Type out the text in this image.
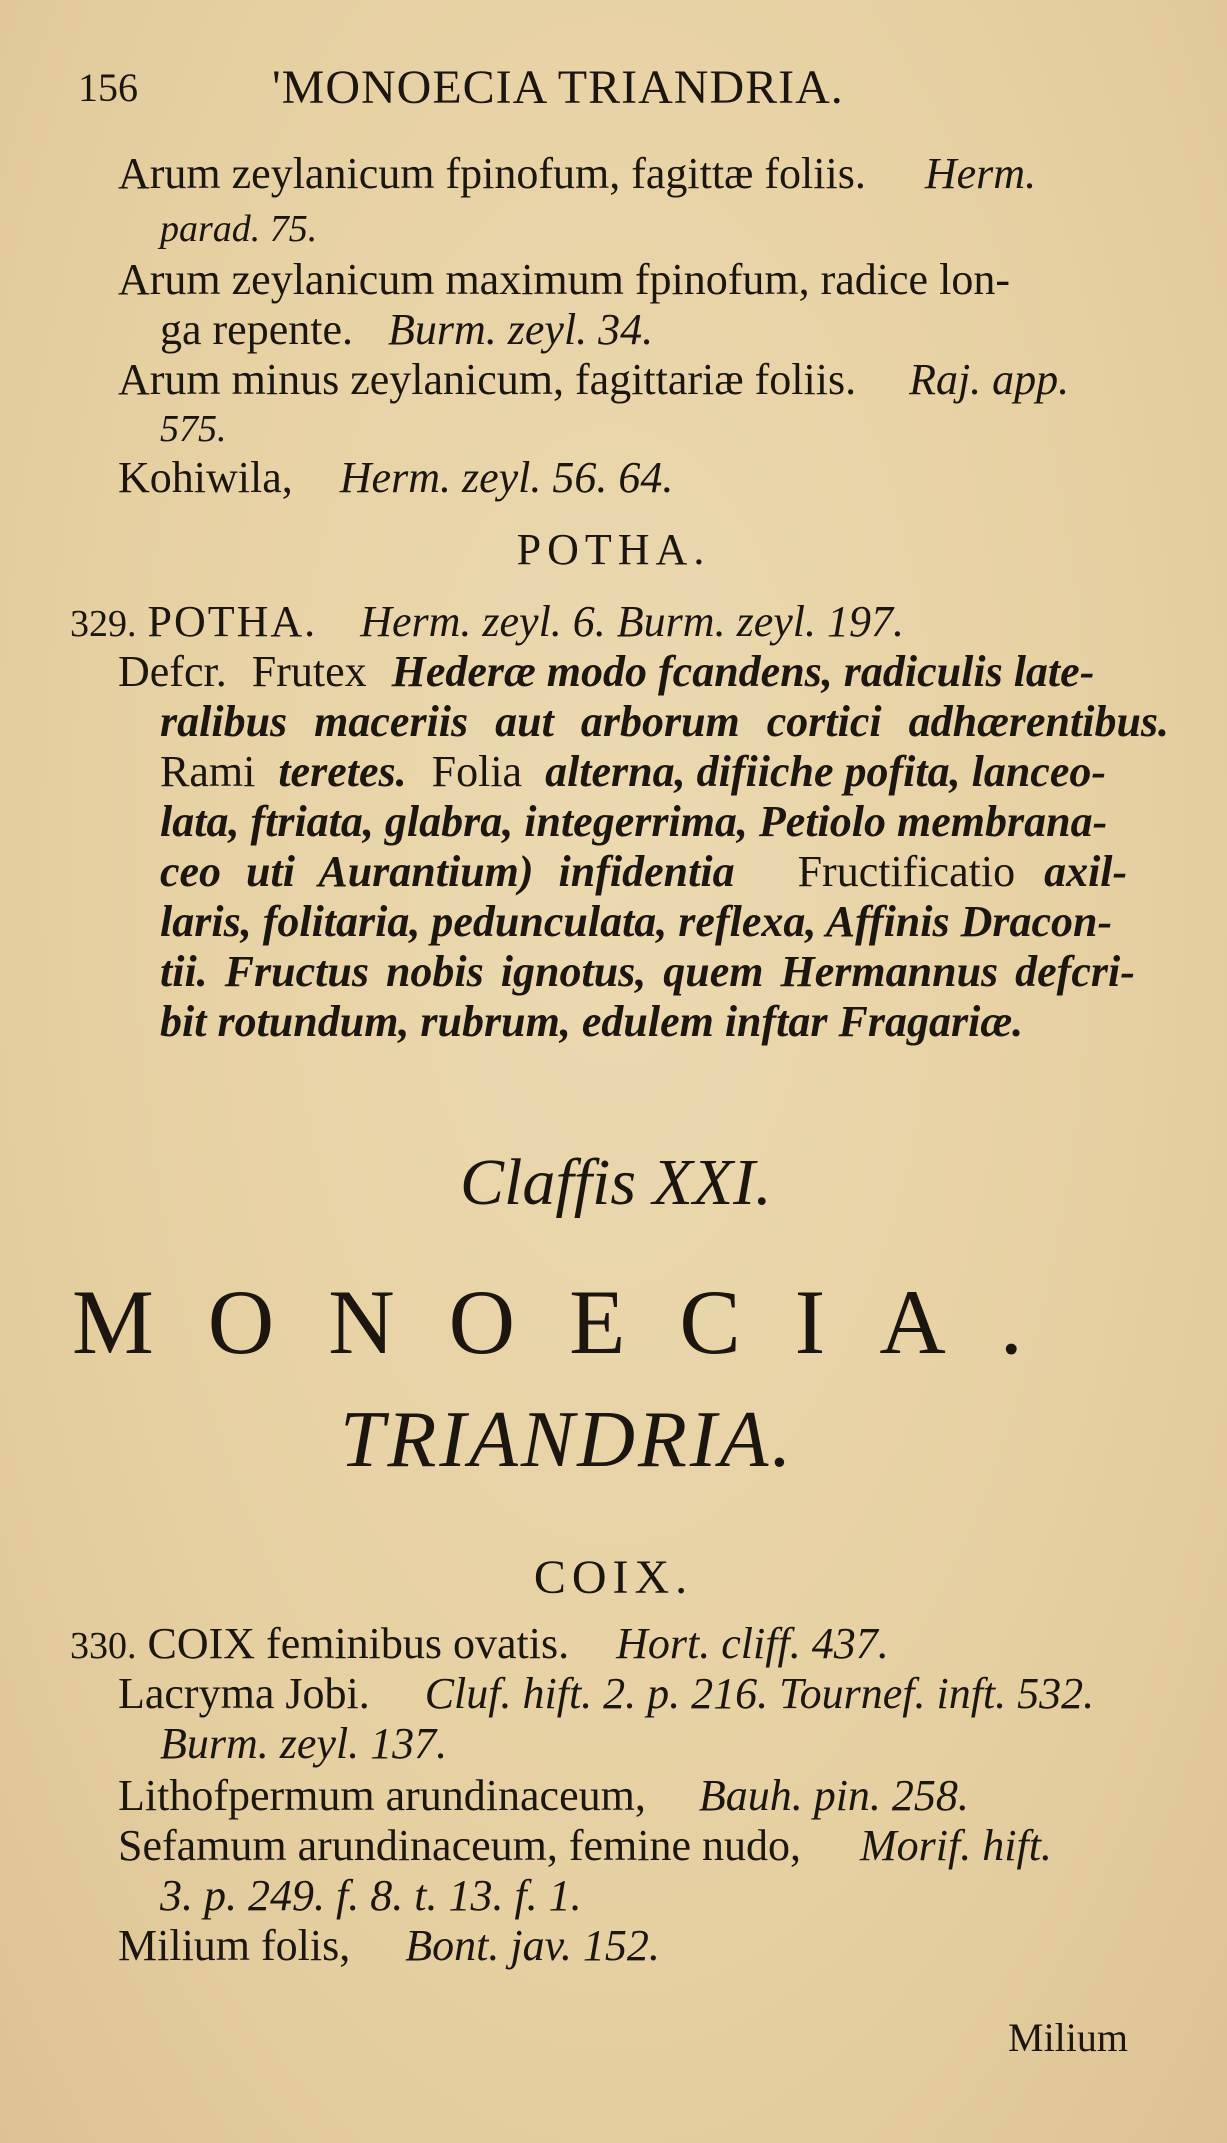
156	'MONOECIA TRIANDRIA.
Arum zeylanicum fpinofum, fagittæ foliis. Herm.
parad. 75.
Arum zeylanicum maximum fpinofum, radice lon-
ga repente. Burm. zeyl. 34.
Arum minus zeylanicum, fagittariæ foliis. Raj. app.
575.
Kohiwila, Herm. zeyl. 56. 64.
POTHA.
329. POTHA. Herm. zeyl. 6. Burm. zeyl. 197.
Defcr. Frutex Hederæ modo fcandens, radiculis late-
ralibus maceriis aut arborum cortici adhærentibus.
Rami teretes. Folia alterna, difiiche pofita, lanceo-
lata, ftriata, glabra, integerrima, Petiolo membrana-
ceo uti Aurantium) infidentia Fructificatio axil-
laris, folitaria, pedunculata, reflexa, Affinis Dracon-
tii. Fructus nobis ignotus, quem Hermannus defcri-
bit rotundum, rubrum, edulem inftar Fragariæ.
Claffis XXI.
MONOECIA.
TRIANDRIA.
COIX.
330. COIX feminibus ovatis. Hort. cliff. 437.
Lacryma Jobi. Cluf. hift. 2. p. 216. Tournef. inft. 532.
Burm. zeyl. 137.
Lithofpermum arundinaceum, Bauh. pin. 258.
Sefamum arundinaceum, femine nudo, Morif. hift.
3. p. 249. f. 8. t. 13. f. 1.
Milium folis, Bont. jav. 152.
Milium
